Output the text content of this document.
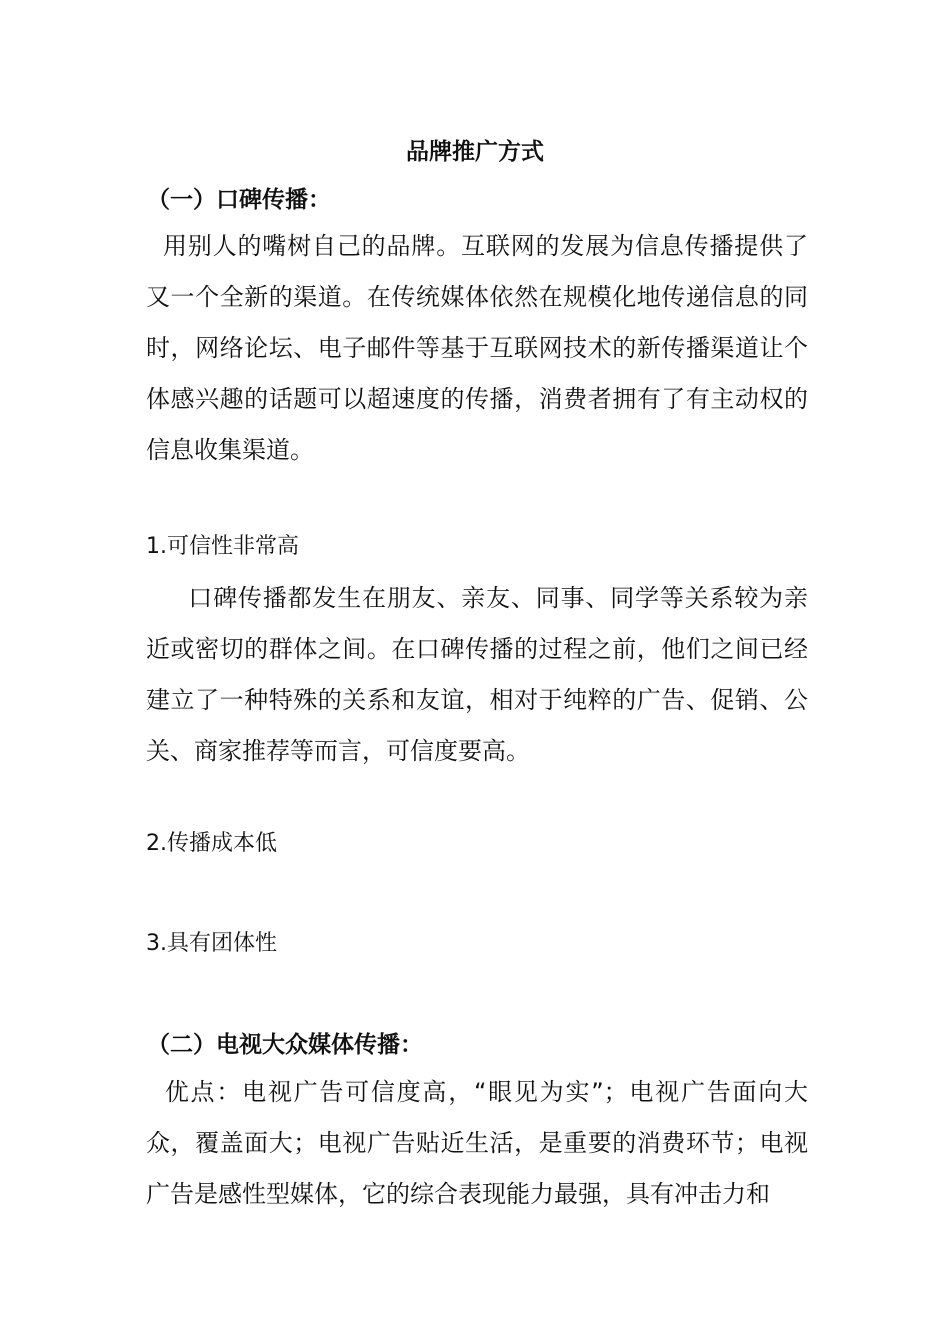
品牌推广方式
（一）口碑传播：

用别人的嘴树自己的品牌。互联网的发展为信息传播提供了又一个全新的渠道。在传统媒体依然在规模化地传递信息的同时，网络论坛、电子邮件等基于互联网技术的新传播渠道让个体感兴趣的话题可以超速度的传播，消费者拥有了有主动权的信息收集渠道。

1.可信性非常高

口碑传播都发生在朋友、亲友、同事、同学等关系较为亲近或密切的群体之间。在口碑传播的过程之前，他们之间已经建立了一种特殊的关系和友谊，相对于纯粹的广告、促销、公关、商家推荐等而言，可信度要高。

2.传播成本低

3.具有团体性

（二）电视大众媒体传播：

优点：电视广告可信度高，“眼见为实”；电视广告面向大众，覆盖面大；电视广告贴近生活，是重要的消费环节；电视广告是感性型媒体，它的综合表现能力最强，具有冲击力和
